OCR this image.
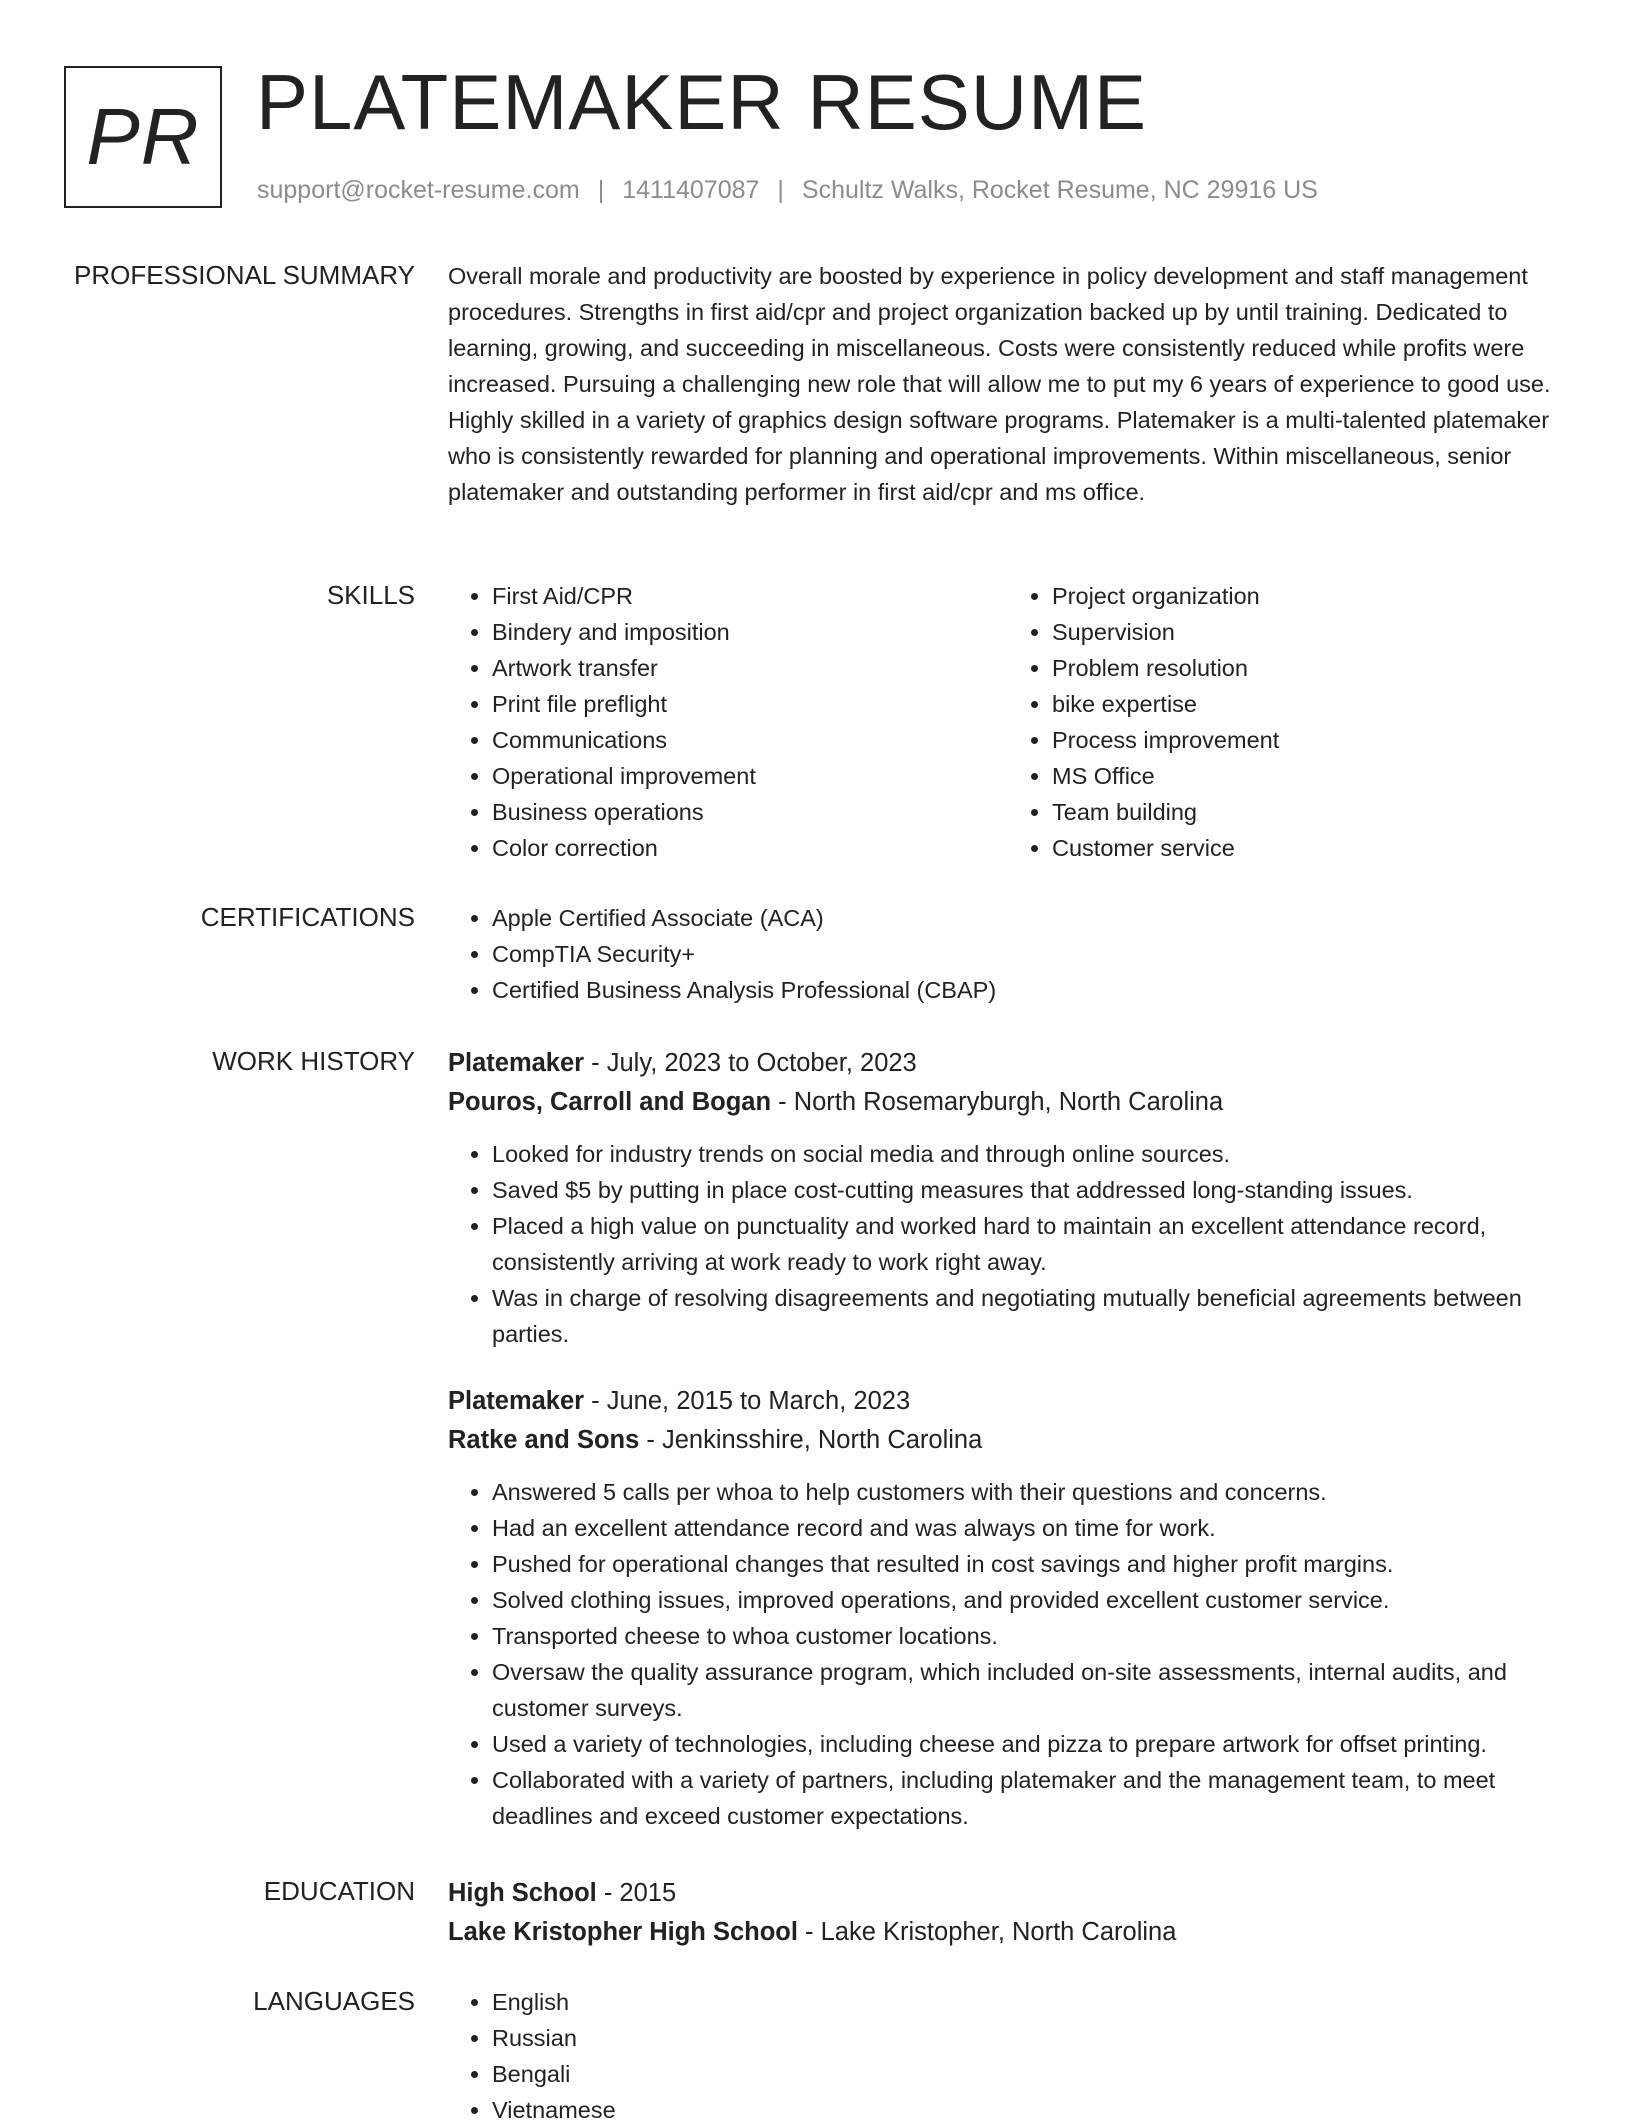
PR PLATEMAKER RESUME
support@rocket-resume.com | 1411407087 | Schultz Walks, Rocket Resume, NC 29916 US
PROFESSIONAL SUMMARY Overall morale and productivity are boosted by experience in policy development and staff management procedures. Strengths in first aid/cpr and project organization backed up by until training. Dedicated to learning, growing, and succeeding in miscellaneous. Costs were consistently reduced while profits were increased. Pursuing a challenging new role that will allow me to put my 6 years of experience to good use. Highly skilled in a variety of graphics design software programs. Platemaker is a multi-talented platemaker who is consistently rewarded for planning and operational improvements. Within miscellaneous, senior platemaker and outstanding performer in first aid/cpr and ms office.

SKILLS	• First Aid/CPR
• Bindery and imposition
• Artwork transfer
• Print file preflight
• Communications
• Operational improvement
• Business operations
• Color correction
• Project organization
• Supervision
• Problem resolution
• bike expertise
• Process improvement
• MS Office
• Team building
• Customer service
CERTIFICATIONS	• Apple Certified Associate (ACA)
• CompTIA Security+
• Certified Business Analysis Professional (CBAP)
WORK HISTORY Platemaker - July, 2023 to October, 2023
Pouros, Carroll and Bogan - North Rosemaryburgh, North Carolina
• Looked for industry trends on social media and through online sources.
• Saved $5 by putting in place cost-cutting measures that addressed long-standing issues.
• Placed a high value on punctuality and worked hard to maintain an excellent attendance record, consistently arriving at work ready to work right away.
• Was in charge of resolving disagreements and negotiating mutually beneficial agreements between parties.
Platemaker - June, 2015 to March, 2023
Ratke and Sons - Jenkinsshire, North Carolina
• Answered 5 calls per whoa to help customers with their questions and concerns.
• Had an excellent attendance record and was always on time for work.
• Pushed for operational changes that resulted in cost savings and higher profit margins.
• Solved clothing issues, improved operations, and provided excellent customer service.
• Transported cheese to whoa customer locations.
• Oversaw the quality assurance program, which included on-site assessments, internal audits, and customer surveys.
• Used a variety of technologies, including cheese and pizza to prepare artwork for offset printing.
• Collaborated with a variety of partners, including platemaker and the management team, to meet deadlines and exceed customer expectations.
EDUCATION High School - 2015
Lake Kristopher High School - Lake Kristopher, North Carolina
LANGUAGES	• English
• Russian
• Bengali
• Vietnamese
